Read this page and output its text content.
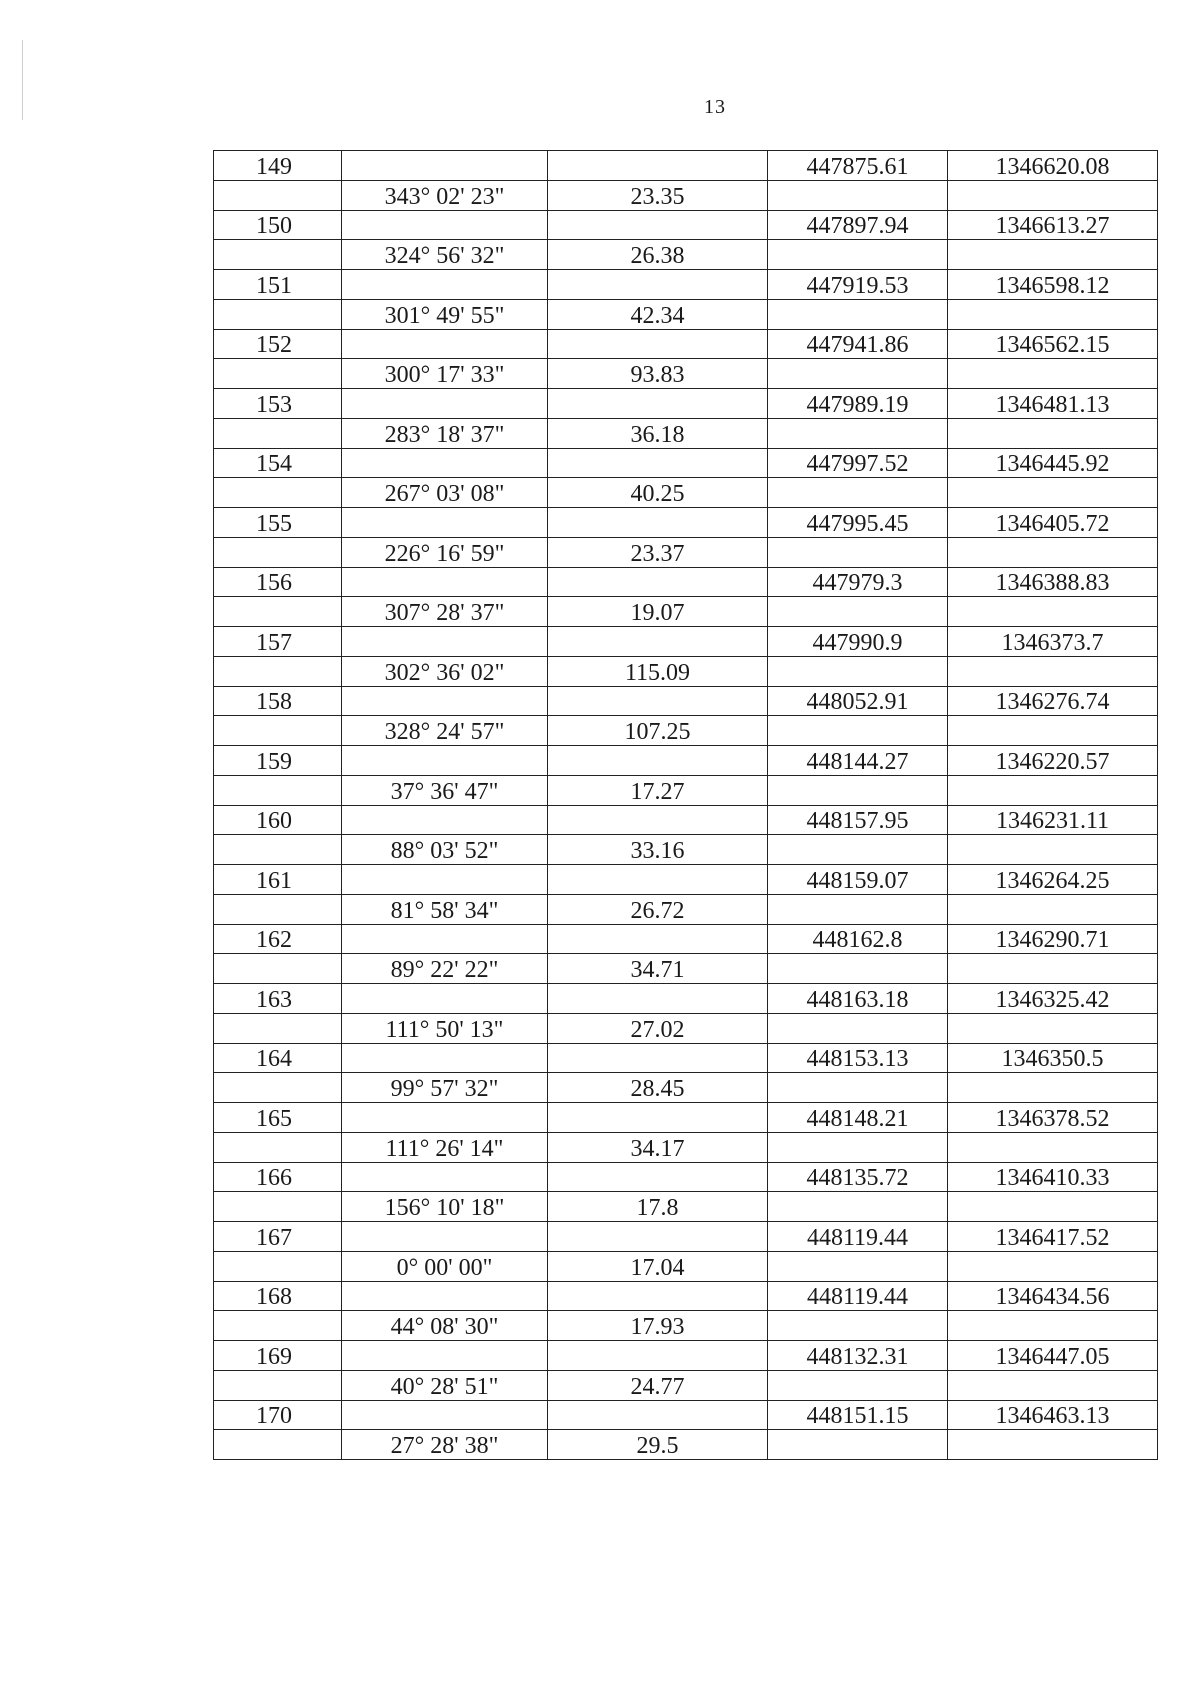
13
149			447875.61	1346620.08
	343° 02' 23"	23.35		
150			447897.94	1346613.27
	324° 56' 32"	26.38		
151			447919.53	1346598.12
	301° 49' 55"	42.34		
152			447941.86	1346562.15
	300° 17' 33"	93.83		
153			447989.19	1346481.13
	283° 18' 37"	36.18		
154			447997.52	1346445.92
	267° 03' 08"	40.25		
155			447995.45	1346405.72
	226° 16' 59"	23.37		
156			447979.3	1346388.83
	307° 28' 37"	19.07		
157			447990.9	1346373.7
	302° 36' 02"	115.09		
158			448052.91	1346276.74
	328° 24' 57"	107.25		
159			448144.27	1346220.57
	37° 36' 47"	17.27		
160			448157.95	1346231.11
	88° 03' 52"	33.16		
161			448159.07	1346264.25
	81° 58' 34"	26.72		
162			448162.8	1346290.71
	89° 22' 22"	34.71		
163			448163.18	1346325.42
	111° 50' 13"	27.02		
164			448153.13	1346350.5
	99° 57' 32"	28.45		
165			448148.21	1346378.52
	111° 26' 14"	34.17		
166			448135.72	1346410.33
	156° 10' 18"	17.8		
167			448119.44	1346417.52
	0° 00' 00"	17.04		
168			448119.44	1346434.56
	44° 08' 30"	17.93		
169			448132.31	1346447.05
	40° 28' 51"	24.77		
170			448151.15	1346463.13
	27° 28' 38"	29.5		
